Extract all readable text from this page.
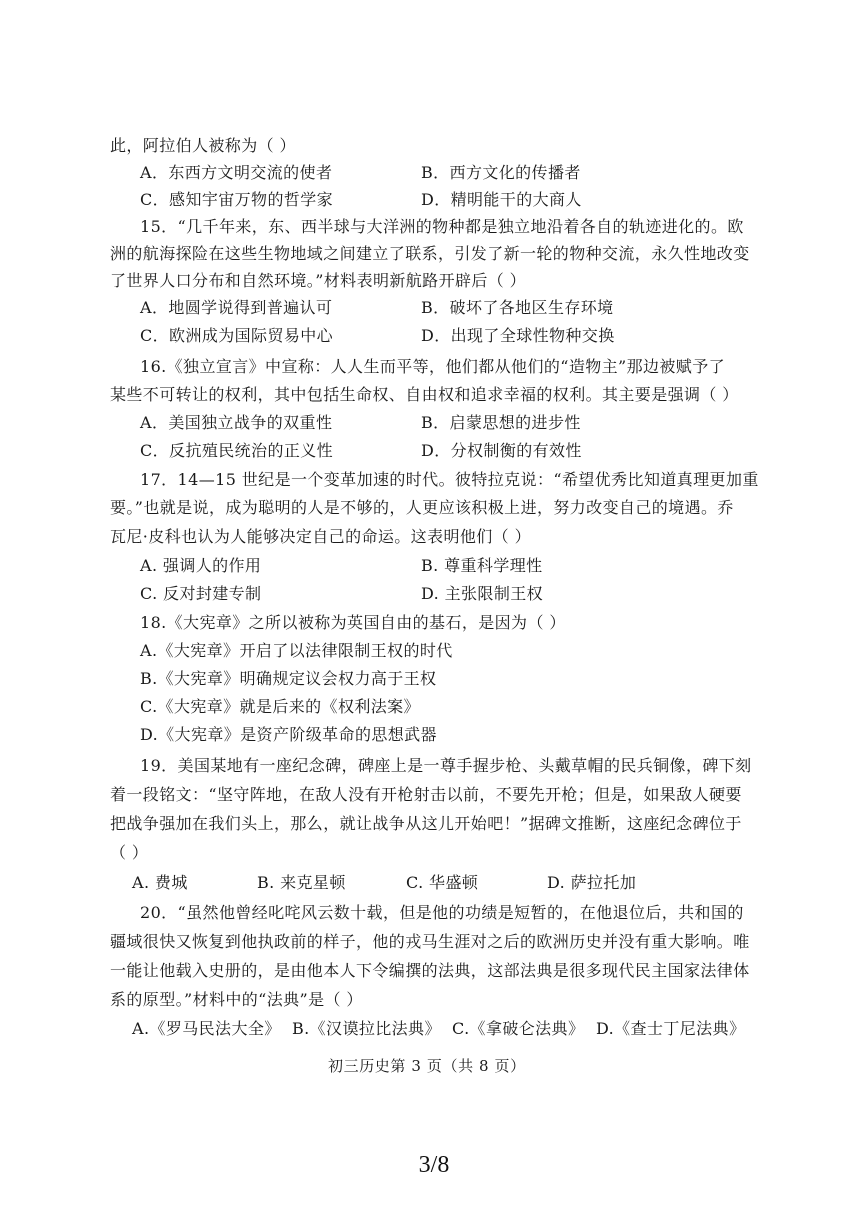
此，阿拉伯人被称为（ ）
A．东西方文明交流的使者	B．西方文化的传播者
C．感知宇宙万物的哲学家	D．精明能干的大商人
15．“几千年来，东、西半球与大洋洲的物种都是独立地沿着各自的轨迹进化的。欧
洲的航海探险在这些生物地域之间建立了联系，引发了新一轮的物种交流，永久性地改变
了世界人口分布和自然环境。”材料表明新航路开辟后（ ）
A．地圆学说得到普遍认可	B．破坏了各地区生存环境
C．欧洲成为国际贸易中心	D．出现了全球性物种交换
16.《独立宣言》中宣称：人人生而平等，他们都从他们的“造物主”那边被赋予了
某些不可转让的权利，其中包括生命权、自由权和追求幸福的权利。其主要是强调（ ）
A．美国独立战争的双重性	B．启蒙思想的进步性
C．反抗殖民统治的正义性	D．分权制衡的有效性
17．14—15 世纪是一个变革加速的时代。彼特拉克说：“希望优秀比知道真理更加重
要。”也就是说，成为聪明的人是不够的，人更应该积极上进，努力改变自己的境遇。乔
瓦尼·皮科也认为人能够决定自己的命运。这表明他们（ ）
A. 强调人的作用	B. 尊重科学理性
C. 反对封建专制	D. 主张限制王权
18.《大宪章》之所以被称为英国自由的基石，是因为（ ）
A.《大宪章》开启了以法律限制王权的时代
B.《大宪章》明确规定议会权力高于王权
C.《大宪章》就是后来的《权利法案》
D.《大宪章》是资产阶级革命的思想武器
19．美国某地有一座纪念碑，碑座上是一尊手握步枪、头戴草帽的民兵铜像，碑下刻
着一段铭文：“坚守阵地，在敌人没有开枪射击以前，不要先开枪；但是，如果敌人硬要
把战争强加在我们头上，那么，就让战争从这儿开始吧！”据碑文推断，这座纪念碑位于
（ ）
A. 费城	B. 来克星顿	C. 华盛顿	D. 萨拉托加
20．“虽然他曾经叱咤风云数十载，但是他的功绩是短暂的，在他退位后，共和国的
疆域很快又恢复到他执政前的样子，他的戎马生涯对之后的欧洲历史并没有重大影响。唯
一能让他载入史册的，是由他本人下令编撰的法典，这部法典是很多现代民主国家法律体
系的原型。”材料中的“法典”是（ ）
A.《罗马民法大全》 B.《汉谟拉比法典》 C.《拿破仑法典》 D.《查士丁尼法典》
初三历史第 3 页（共 8 页）
3/8
